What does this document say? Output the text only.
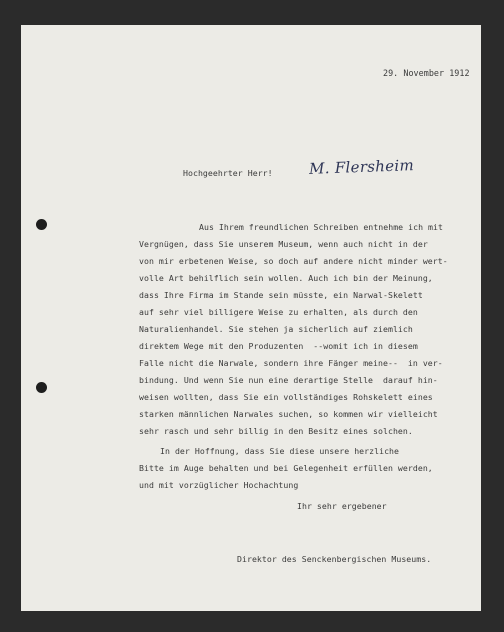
29. November 1912
Hochgeehrter Herr! M. Flersheim
Aus Ihrem freundlichen Schreiben entnehme ich mit
Vergnügen, dass Sie unserem Museum, wenn auch nicht in der
von mir erbetenen Weise, so doch auf andere nicht minder wert-
volle Art behilflich sein wollen. Auch ich bin der Meinung,
dass Ihre Firma im Stande sein müsste, ein Narwal-Skelett
auf sehr viel billigere Weise zu erhalten, als durch den
Naturalienhandel. Sie stehen ja sicherlich auf ziemlich
direktem Wege mit den Produzenten  --womit ich in diesem
Falle nicht die Narwale, sondern ihre Fänger meine--  in ver-
bindung. Und wenn Sie nun eine derartige Stelle  darauf hin-
weisen wollten, dass Sie ein vollständiges Rohskelett eines
starken männlichen Narwales suchen, so kommen wir vielleicht
sehr rasch und sehr billig in den Besitz eines solchen.
In der Hoffnung, dass Sie diese unsere herzliche
Bitte im Auge behalten und bei Gelegenheit erfüllen werden,
und mit vorzüglicher Hochachtung
Ihr sehr ergebener
Direktor des Senckenbergischen Museums.
